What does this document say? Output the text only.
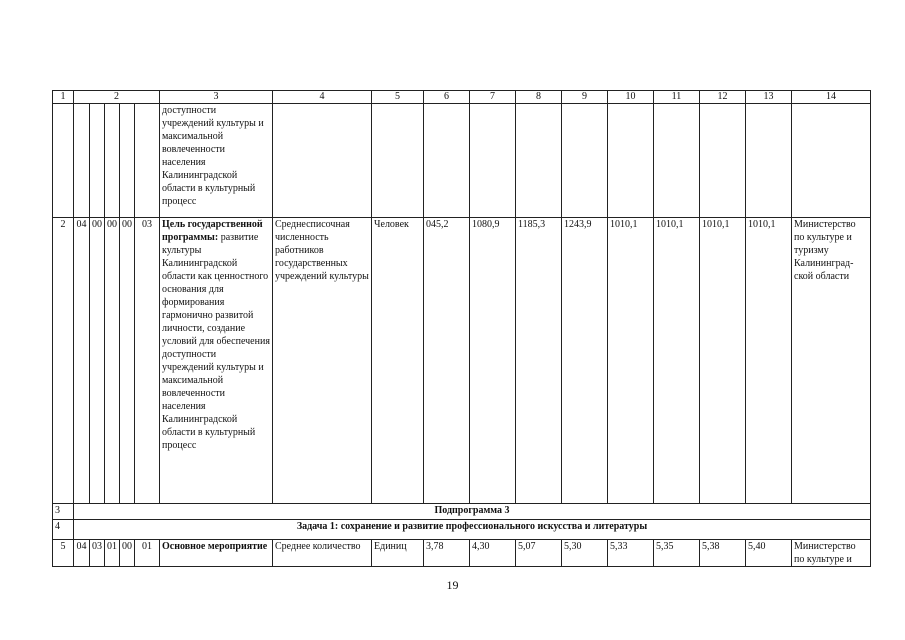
1	2					3	4	5	6	7	8	9	10	11	12	13	14
						доступности учреждений культуры и максимальной вовлеченности населения Калининградской области в культурный процесс											
2	04	00	00	00	03	Цель государственной программы: развитие культуры Калининградской области как ценностного основания для формирования гармонично развитой личности, создание условий для обеспечения доступности учреждений культуры и максимальной вовлеченности населения Калининградской области в культурный процесс	Среднесписочная численность работников государственных учреждений культуры	Человек	045,2	1080,9	1185,3	1243,9	1010,1	1010,1	1010,1	1010,1	Министерство по культуре и туризму Калининград-ской области
3	Подпрограмма 3																
4	Задача 1: сохранение и развитие профессионального искусства и литературы																
5	04	03	01	00	01	Основное мероприятие	Среднее количество	Единиц	3,78	4,30	5,07	5,30	5,33	5,35	5,38	5,40	Министерство по культуре и
19
